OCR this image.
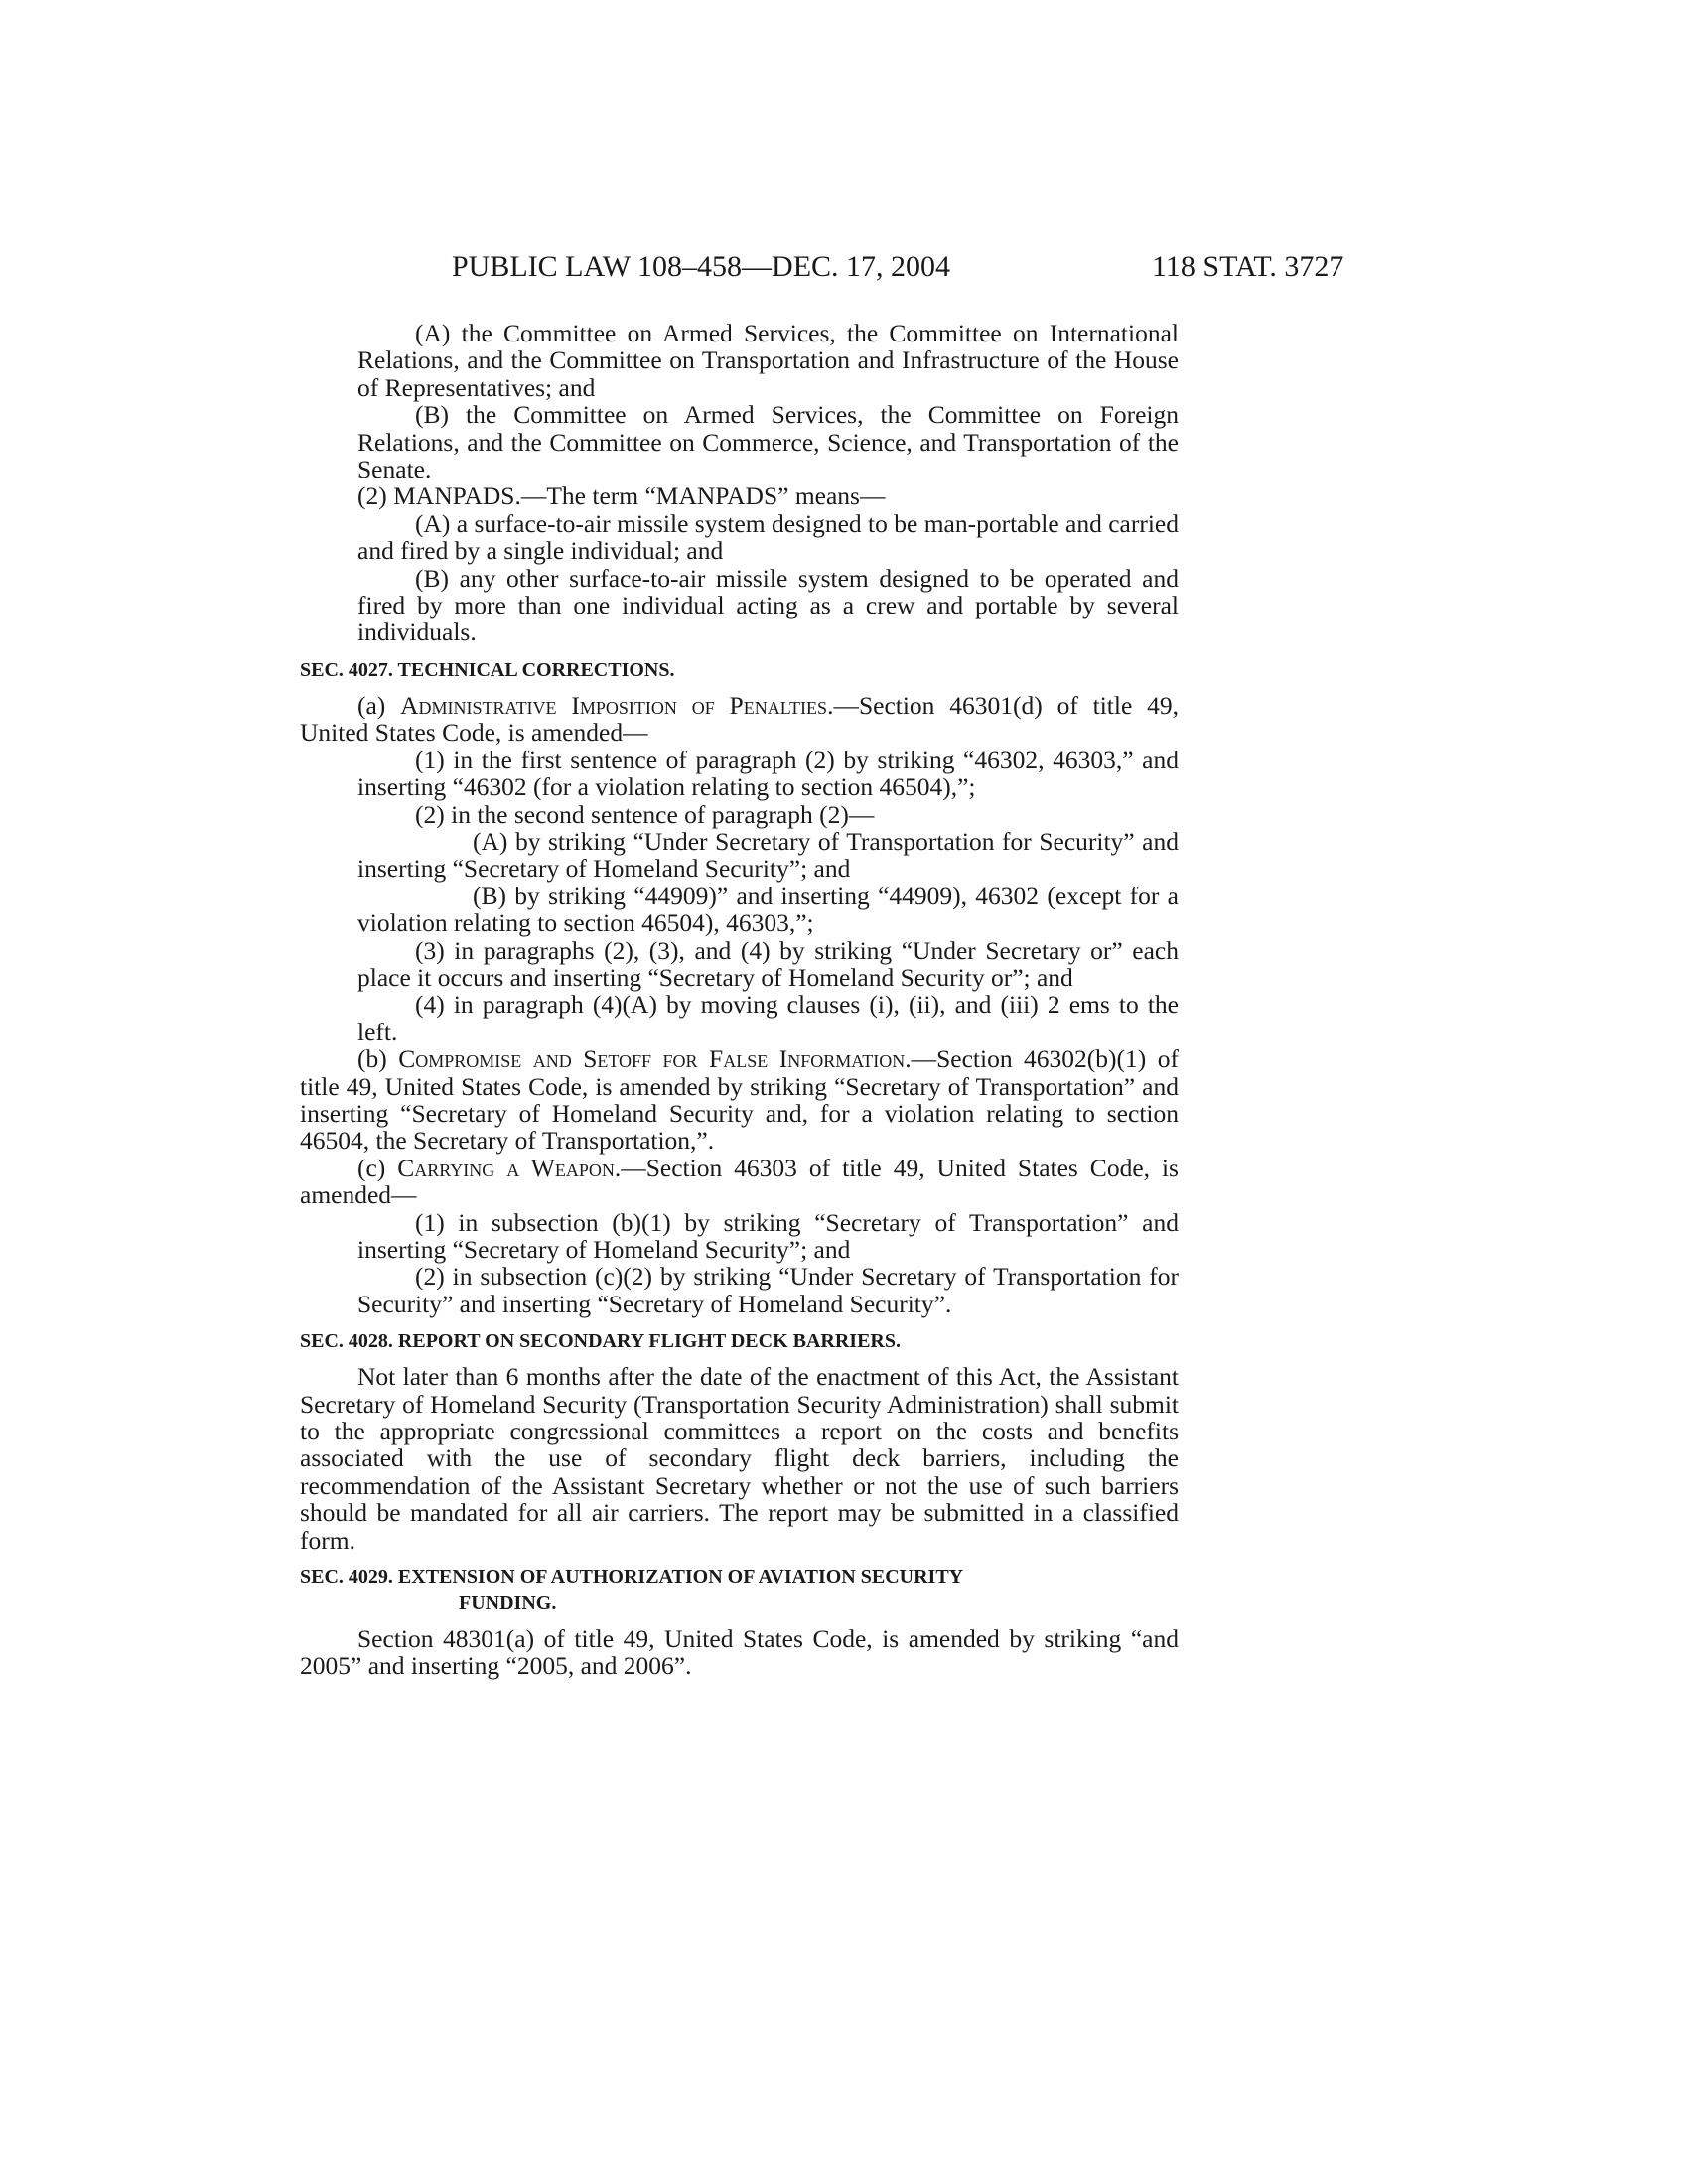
PUBLIC LAW 108–458—DEC. 17, 2004	118 STAT. 3727

(A) the Committee on Armed Services, the Committee on International Relations, and the Committee on Transportation and Infrastructure of the House of Representatives; and

(B) the Committee on Armed Services, the Committee on Foreign Relations, and the Committee on Commerce, Science, and Transportation of the Senate.

(2) MANPADS.—The term “MANPADS” means—

(A) a surface-to-air missile system designed to be man-portable and carried and fired by a single individual; and

(B) any other surface-to-air missile system designed to be operated and fired by more than one individual acting as a crew and portable by several individuals.

SEC. 4027. TECHNICAL CORRECTIONS.

(a) Administrative Imposition of Penalties.—Section 46301(d) of title 49, United States Code, is amended—

(1) in the first sentence of paragraph (2) by striking “46302, 46303,” and inserting “46302 (for a violation relating to section 46504),”;

(2) in the second sentence of paragraph (2)—

(A) by striking “Under Secretary of Transportation for Security” and inserting “Secretary of Homeland Security”; and

(B) by striking “44909)” and inserting “44909), 46302 (except for a violation relating to section 46504), 46303,”;

(3) in paragraphs (2), (3), and (4) by striking “Under Secretary or” each place it occurs and inserting “Secretary of Homeland Security or”; and

(4) in paragraph (4)(A) by moving clauses (i), (ii), and (iii) 2 ems to the left.

(b) Compromise and Setoff for False Information.—Section 46302(b)(1) of title 49, United States Code, is amended by striking “Secretary of Transportation” and inserting “Secretary of Homeland Security and, for a violation relating to section 46504, the Secretary of Transportation,”.

(c) Carrying a Weapon.—Section 46303 of title 49, United States Code, is amended—

(1) in subsection (b)(1) by striking “Secretary of Transportation” and inserting “Secretary of Homeland Security”; and

(2) in subsection (c)(2) by striking “Under Secretary of Transportation for Security” and inserting “Secretary of Homeland Security”.

SEC. 4028. REPORT ON SECONDARY FLIGHT DECK BARRIERS.

Not later than 6 months after the date of the enactment of this Act, the Assistant Secretary of Homeland Security (Transportation Security Administration) shall submit to the appropriate congressional committees a report on the costs and benefits associated with the use of secondary flight deck barriers, including the recommendation of the Assistant Secretary whether or not the use of such barriers should be mandated for all air carriers. The report may be submitted in a classified form.

SEC. 4029. EXTENSION OF AUTHORIZATION OF AVIATION SECURITY
FUNDING.

Section 48301(a) of title 49, United States Code, is amended by striking “and 2005” and inserting “2005, and 2006”.
